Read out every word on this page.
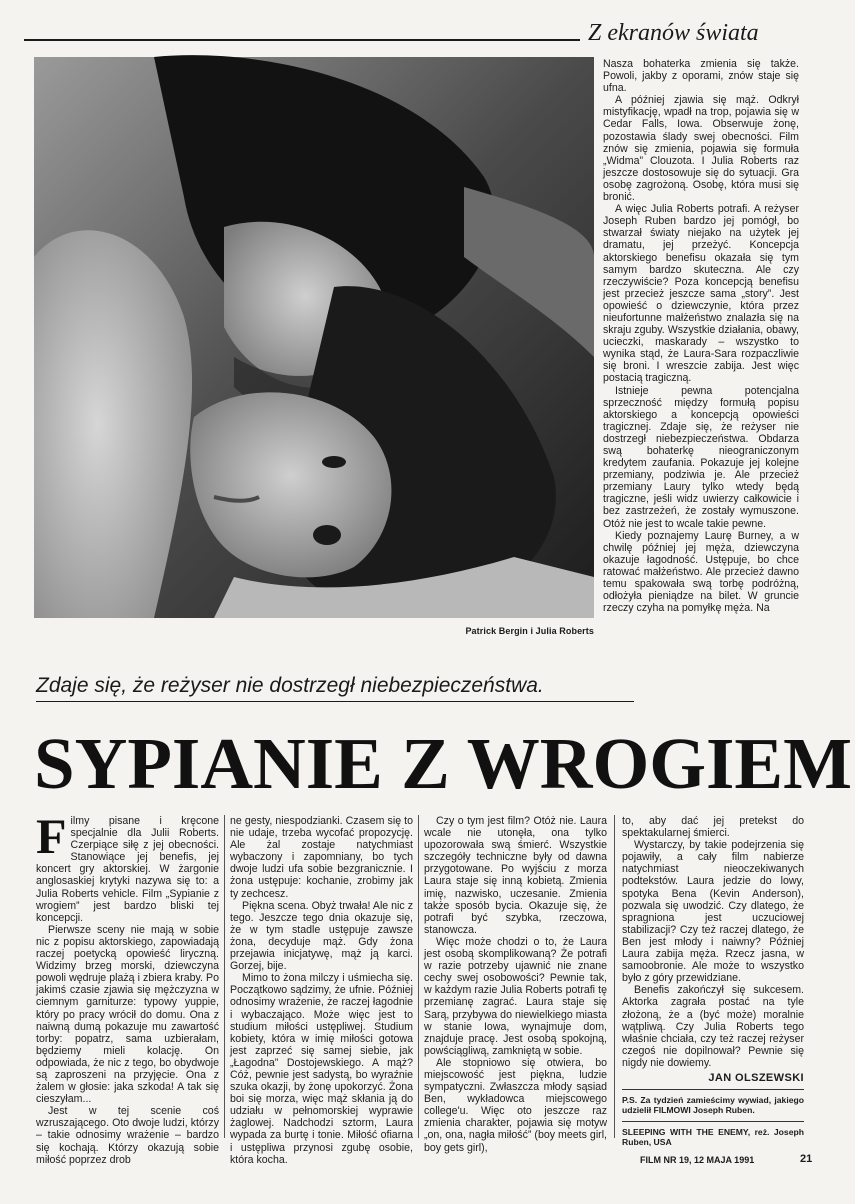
Z ekranów świata
Patrick Bergin i Julia Roberts

Nasza bohaterka zmienia się także. Powoli, jakby z oporami, znów staje się ufna.

A później zjawia się mąż. Odkrył mistyfikację, wpadł na trop, pojawia się w Cedar Falls, Iowa. Obserwuje żonę, pozostawia ślady swej obecności. Film znów się zmienia, pojawia się formuła „Widma” Clouzota. I Julia Roberts raz jeszcze dostosowuje się do sytuacji. Gra osobę zagrożoną. Osobę, która musi się bronić.

A więc Julia Roberts potrafi. A reżyser Joseph Ruben bardzo jej pomógł, bo stwarzał światy niejako na użytek jej dramatu, jej przeżyć. Koncepcja aktorskiego benefisu okazała się tym samym bardzo skuteczna. Ale czy rzeczywiście? Poza koncepcją benefisu jest przecież jeszcze sama „story”. Jest opowieść o dziewczynie, która przez nieufortunne małżeństwo znalazła się na skraju zguby. Wszystkie działania, obawy, ucieczki, maskarady – wszystko to wynika stąd, że Laura-Sara rozpaczliwie się broni. I wreszcie zabija. Jest więc postacią tragiczną.

Istnieje pewna potencjalna sprzeczność między formułą popisu aktorskiego a koncepcją opowieści tragicznej. Zdaje się, że reżyser nie dostrzegł niebezpieczeństwa. Obdarza swą bohaterkę nieograniczonym kredytem zaufania. Pokazuje jej kolejne przemiany, podziwia je. Ale przecież przemiany Laury tylko wtedy będą tragiczne, jeśli widz uwierzy całkowicie i bez zastrzeżeń, że zostały wymuszone. Otóż nie jest to wcale takie pewne.

Kiedy poznajemy Laurę Burney, a w chwilę później jej męża, dziewczyna okazuje łagodność. Ustępuje, bo chce ratować małżeństwo. Ale przecież dawno temu spakowała swą torbę podróżną, odłożyła pieniądze na bilet. W gruncie rzeczy czyha na pomyłkę męża. Na

Zdaje się, że reżyser nie dostrzegł niebezpieczeństwa.
SYPIANIE Z WROGIEM

Filmy pisane i kręcone specjalnie dla Julii Roberts. Czerpiące siłę z jej obecności. Stanowiące jej benefis, jej koncert gry aktorskiej. W żargonie anglosaskiej krytyki nazywa się to: a Julia Roberts vehicle. Film „Sypianie z wrogiem” jest bardzo bliski tej koncepcji.

Pierwsze sceny nie mają w sobie nic z popisu aktorskiego, zapowiadają raczej poetycką opowieść liryczną. Widzimy brzeg morski, dziewczyna powoli wędruje plażą i zbiera kraby. Po jakimś czasie zjawia się mężczyzna w ciemnym garniturze: typowy yuppie, który po pracy wrócił do domu. Ona z naiwną dumą pokazuje mu zawartość torby: popatrz, sama uzbierałam, będziemy mieli kolację. On odpowiada, że nic z tego, bo obydwoje są zaproszeni na przyjęcie. Ona z żalem w głosie: jaka szkoda! A tak się cieszyłam...

Jest w tej scenie coś wzruszającego. Oto dwoje ludzi, którzy – takie odnosimy wrażenie – bardzo się kochają. Którzy okazują sobie miłość poprzez drob

ne gesty, niespodzianki. Czasem się to nie udaje, trzeba wycofać propozycję. Ale żal zostaje natychmiast wybaczony i zapomniany, bo tych dwoje ludzi ufa sobie bezgranicznie. I żona ustępuje: kochanie, zrobimy jak ty zechcesz.

Piękna scena. Obyż trwała! Ale nic z tego. Jeszcze tego dnia okazuje się, że w tym stadle ustępuje zawsze żona, decyduje mąż. Gdy żona przejawia inicjatywę, mąż ją karci. Gorzej, bije.

Mimo to żona milczy i uśmiecha się. Początkowo sądzimy, że ufnie. Później odnosimy wrażenie, że raczej łagodnie i wybaczająco. Może więc jest to studium miłości ustępliwej. Studium kobiety, która w imię miłości gotowa jest zaprzeć się samej siebie, jak „Łagodna” Dostojewskiego. A mąż? Cóż, pewnie jest sadystą, bo wyraźnie szuka okazji, by żonę upokorzyć. Żona boi się morza, więc mąż skłania ją do udziału w pełnomorskiej wyprawie żaglowej. Nadchodzi sztorm, Laura wypada za burtę i tonie. Miłość ofiarna i ustępliwa przynosi zgubę osobie, która kocha.

Czy o tym jest film? Otóż nie. Laura wcale nie utonęła, ona tylko upozorowała swą śmierć. Wszystkie szczegóły techniczne były od dawna przygotowane. Po wyjściu z morza Laura staje się inną kobietą. Zmienia imię, nazwisko, uczesanie. Zmienia także sposób bycia. Okazuje się, że potrafi być szybka, rzeczowa, stanowcza.

Więc może chodzi o to, że Laura jest osobą skomplikowaną? Że potrafi w razie potrzeby ujawnić nie znane cechy swej osobowości? Pewnie tak, w każdym razie Julia Roberts potrafi tę przemianę zagrać. Laura staje się Sarą, przybywa do niewielkiego miasta w stanie Iowa, wynajmuje dom, znajduje pracę. Jest osobą spokojną, powściągliwą, zamkniętą w sobie.

Ale stopniowo się otwiera, bo miejscowość jest piękna, ludzie sympatyczni. Zwłaszcza młody sąsiad Ben, wykładowca miejscowego college'u. Więc oto jeszcze raz zmienia charakter, pojawia się motyw „on, ona, nagła miłość” (boy meets girl, boy gets girl),

to, aby dać jej pretekst do spektakularnej śmierci.

Wystarczy, by takie podejrzenia się pojawiły, a cały film nabierze natychmiast nieoczekiwanych podtekstów. Laura jedzie do lowy, spotyka Bena (Kevin Anderson), pozwala się uwodzić. Czy dlatego, że spragniona jest uczuciowej stabilizacji? Czy też raczej dlatego, że Ben jest młody i naiwny? Później Laura zabija męża. Rzecz jasna, w samoobronie. Ale może to wszystko było z góry przewidziane.

Benefis zakończył się sukcesem. Aktorka zagrała postać na tyle złożoną, że a (być może) moralnie wątpliwą. Czy Julia Roberts tego właśnie chciała, czy też raczej reżyser czegoś nie dopilnował? Pewnie się nigdy nie dowiemy.

JAN OLSZEWSKI
P.S. Za tydzień zamieścimy wywiad, jakiego udzielił FILMOWI Joseph Ruben.
SLEEPING WITH THE ENEMY, reż. Joseph Ruben, USA
FILM NR 19, 12 MAJA 1991	21
